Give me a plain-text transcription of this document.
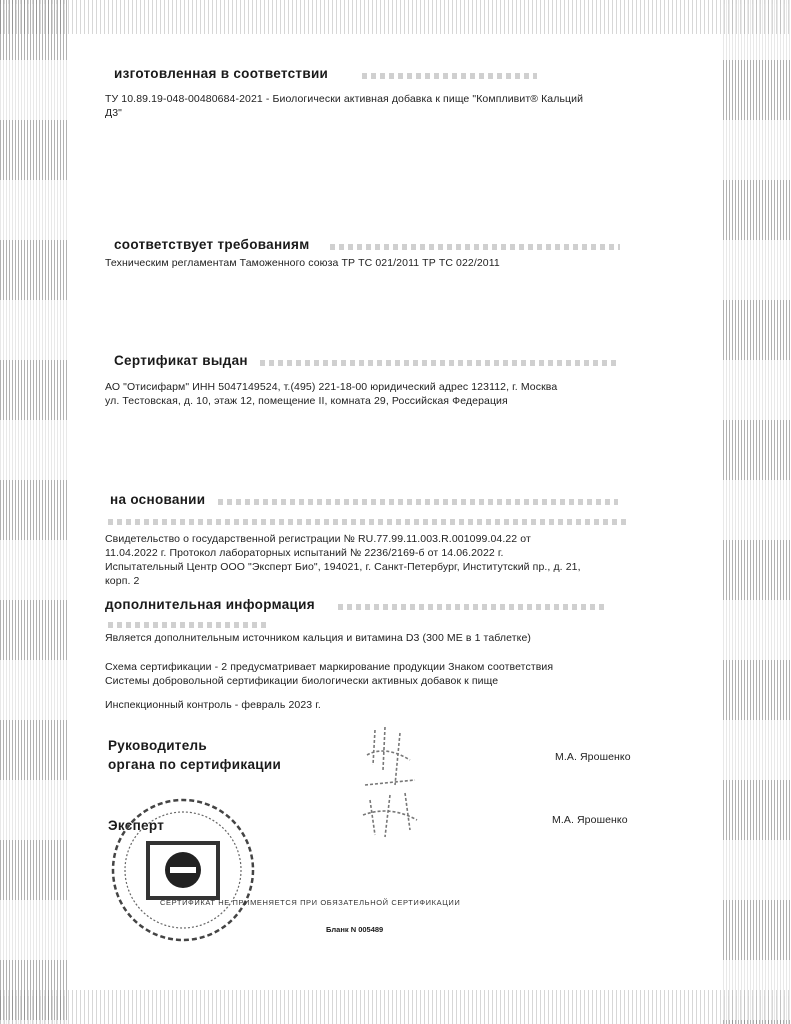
изготовленная в соответствии
ТУ 10.89.19-048-00480684-2021 - Биологически активная добавка к пище "Компливит® Кальций
Д3"
соответствует требованиям
Техническим регламентам Таможенного союза ТР ТС 021/2011 ТР ТС 022/2011
Сертификат выдан
АО "Отисифарм" ИНН 5047149524, т.(495) 221-18-00 юридический адрес 123112, г. Москва
ул. Тестовская, д. 10, этаж 12, помещение II, комната 29, Российская Федерация
на основании
Свидетельство о государственной регистрации № RU.77.99.11.003.R.001099.04.22 от
11.04.2022 г. Протокол лабораторных испытаний № 2236/2169-б от 14.06.2022 г.
Испытательный Центр ООО "Эксперт Био", 194021, г. Санкт-Петербург, Институтский пр., д. 21,
корп. 2
дополнительная информация
Является дополнительным источником кальция и витамина D3 (300 МЕ в 1 таблетке)
Схема сертификации - 2 предусматривает маркирование продукции Знаком соответствия
Системы добровольной сертификации биологически активных добавок к пище
Инспекционный контроль - февраль 2023 г.
Руководитель
органа по сертификации	М.А. Ярошенко
Эксперт	М.А. Ярошенко
СЕРТИФИКАТ НЕ ПРИМЕНЯЕТСЯ ПРИ ОБЯЗАТЕЛЬНОЙ СЕРТИФИКАЦИИ
Бланк N 005489
